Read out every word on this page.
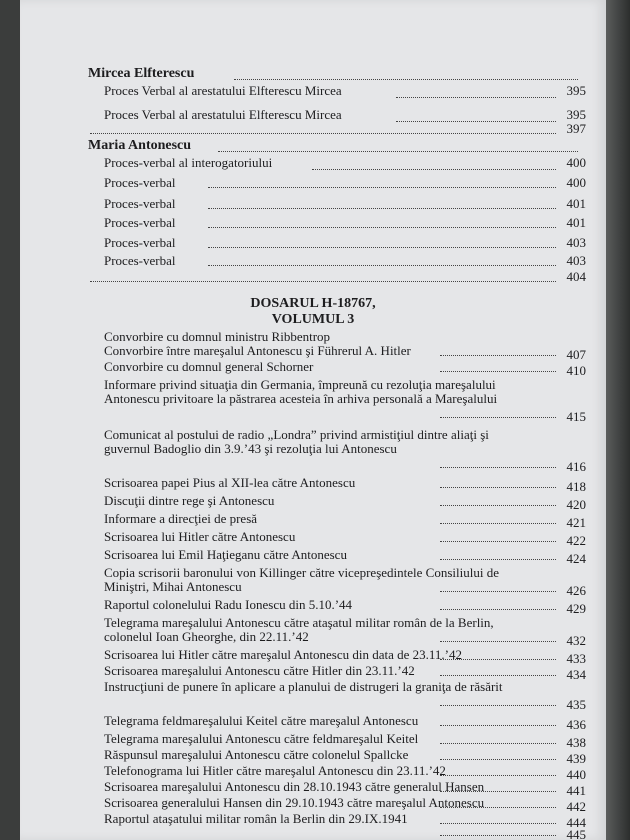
Mircea Elfterescu
Proces Verbal al arestatului Elfterescu Mircea	395
Proces Verbal al arestatului Elfterescu Mircea	395
397
Maria Antonescu
Proces-verbal al interogatoriului	400
Proces-verbal	400
Proces-verbal	401
Proces-verbal	401
Proces-verbal	403
Proces-verbal	403
404
DOSARUL H-18767,
VOLUMUL 3
Convorbire cu domnul ministru Ribbentrop
Convorbire între mareşalul Antonescu şi Führerul A. Hitler	407
Convorbire cu domnul general Schorner	410
Informare privind situaţia din Germania, împreună cu rezoluţia mareşalului Antonescu privitoare la păstrarea acesteia în arhiva personală a Mareşalului
415
Comunicat al postului de radio „Londra” privind armistiţiul dintre aliaţi şi guvernul Badoglio din 3.9.’43 şi rezoluţia lui Antonescu
416
Scrisoarea papei Pius al XII-lea către Antonescu	418
Discuţii dintre rege şi Antonescu	420
Informare a direcţiei de presă	421
Scrisoarea lui Hitler către Antonescu	422
Scrisoarea lui Emil Haţieganu către Antonescu	424
Copia scrisorii baronului von Killinger către vicepreşedintele Consiliului de Miniştri, Mihai Antonescu	426
Raportul colonelului Radu Ionescu din 5.10.’44	429
Telegrama mareşalului Antonescu către ataşatul militar român de la Berlin, colonelul Ioan Gheorghe, din 22.11.’42	432
Scrisoarea lui Hitler către mareşalul Antonescu din data de 23.11.’42	433
Scrisoarea mareşalului Antonescu către Hitler din 23.11.’42	434
Instrucţiuni de punere în aplicare a planului de distrugeri la graniţa de răsărit
435
Telegrama feldmareşalului Keitel către mareşalul Antonescu	436
Telegrama mareşalului Antonescu către feldmareşalul Keitel	438
Răspunsul mareşalului Antonescu către colonelul Spallcke	439
Telefonograma lui Hitler către mareşalul Antonescu din 23.11.’42	440
Scrisoarea mareşalului Antonescu din 28.10.1943 către generalul Hansen	441
Scrisoarea generalului Hansen din 29.10.1943 către mareşalul Antonescu	442
Raportul ataşatului militar român la Berlin din 29.IX.1941	444
445
